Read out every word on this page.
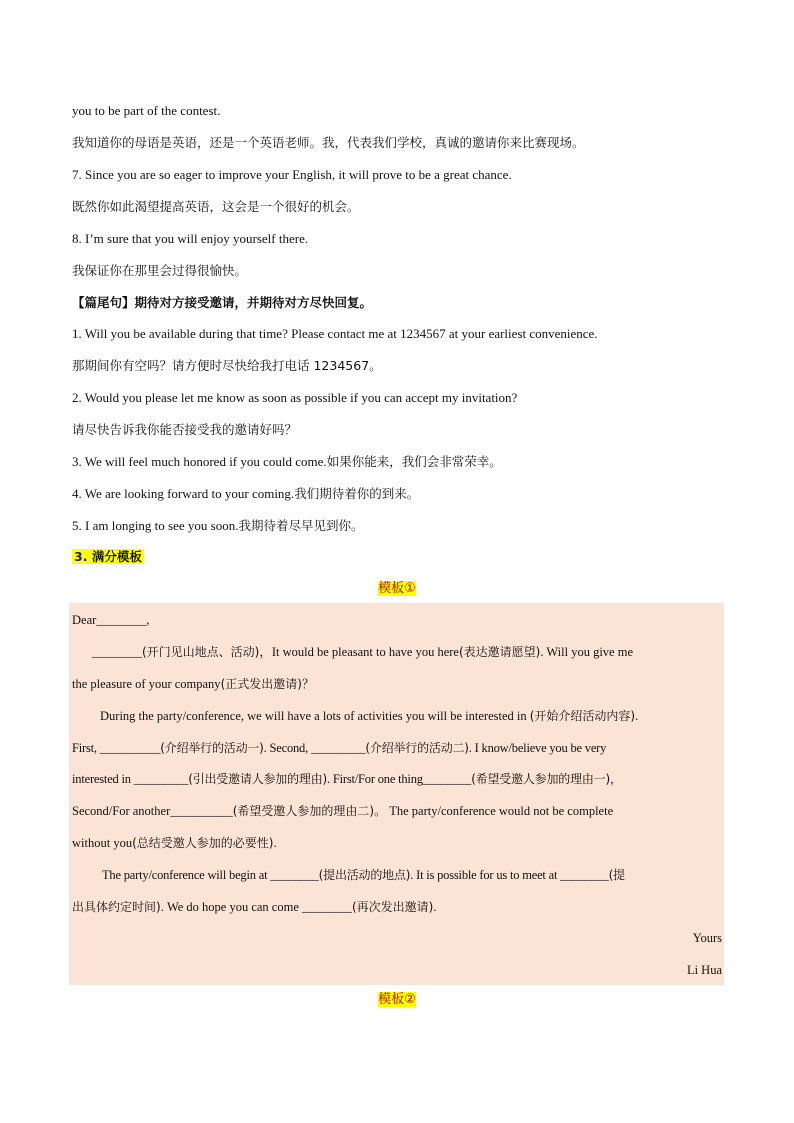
you to be part of the contest.
我知道你的母语是英语，还是一个英语老师。我，代表我们学校，真诚的邀请你来比赛现场。
7. Since you are so eager to improve your English, it will prove to be a great chance.
既然你如此渴望提高英语，这会是一个很好的机会。
8. I’m sure that you will enjoy yourself there.
我保证你在那里会过得很愉快。
【篇尾句】期待对方接受邀请，并期待对方尽快回复。
1. Will you be available during that time? Please contact me at 1234567 at your earliest convenience.
那期间你有空吗？请方便时尽快给我打电话 1234567。
2. Would you please let me know as soon as possible if you can accept my invitation?
请尽快告诉我你能否接受我的邀请好吗？
3. We will feel much honored if you could come.如果你能来，我们会非常荣幸。
4. We are looking forward to your coming.我们期待着你的到来。
5. I am longing to see you soon.我期待着尽早见到你。
3. 满分模板
模板①
Dear________,
________(开门见山地点、活动)，It would be pleasant to have you here(表达邀请愿望). Will you give me
the pleasure of your company(正式发出邀请)？
During the party/conference, we will have a lots of activities you will be interested in (开始介绍活动内容).
First, __________(介绍举行的活动一). Second, _________(介绍举行的活动二). I know/believe you be very
interested in _________(引出受邀请人参加的理由). First/For one thing________(希望受邀人参加的理由一)，
Second/For another__________(希望受邀人参加的理由二)。 The party/conference would not be complete
without you(总结受邀人参加的必要性).
The party/conference will begin at ________(提出活动的地点). It is possible for us to meet at ________(提
出具体约定时间). We do hope you can come ________(再次发出邀请).
Yours
Li Hua
模板②
